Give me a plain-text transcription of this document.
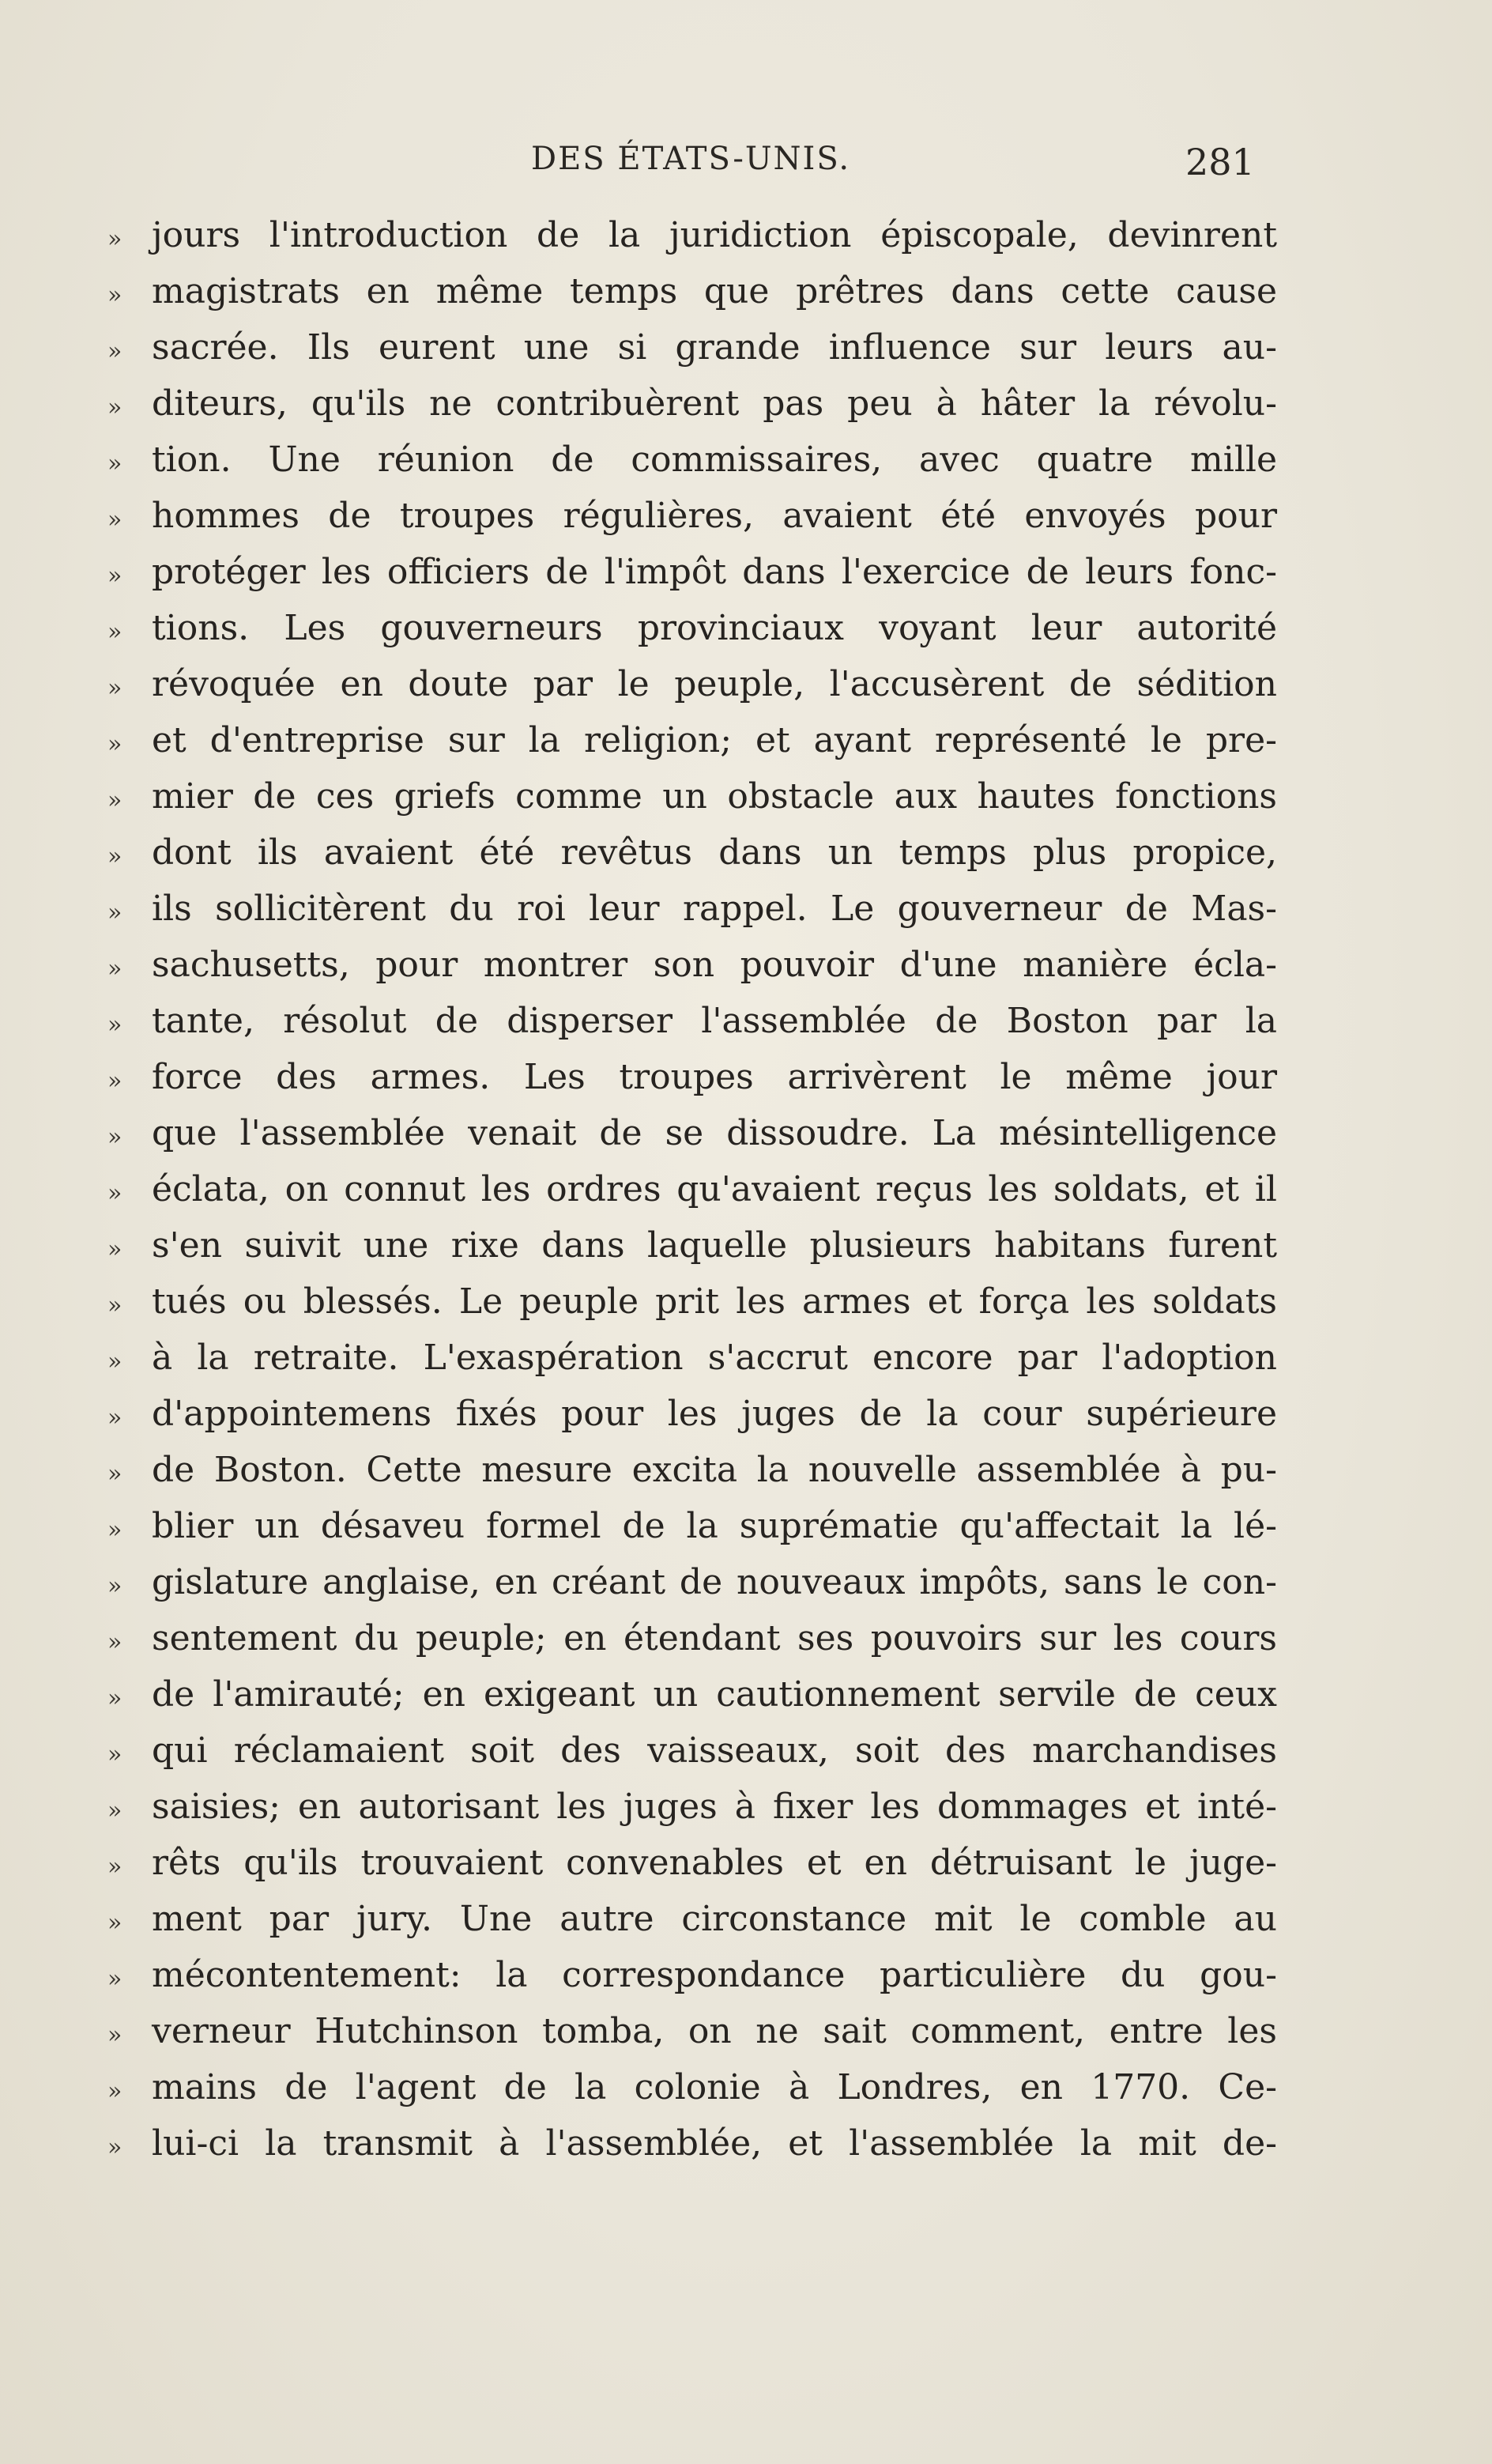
DES ÉTATS-UNIS.	281
» jours l'introduction de la juridiction épiscopale, devinrent
» magistrats en même temps que prêtres dans cette cause
» sacrée. Ils eurent une si grande influence sur leurs au-
» diteurs, qu'ils ne contribuèrent pas peu à hâter la révolu-
» tion. Une réunion de commissaires, avec quatre mille
» hommes de troupes régulières, avaient été envoyés pour
» protéger les officiers de l'impôt dans l'exercice de leurs fonc-
» tions. Les gouverneurs provinciaux voyant leur autorité
» révoquée en doute par le peuple, l'accusèrent de sédition
» et d'entreprise sur la religion; et ayant représenté le pre-
» mier de ces griefs comme un obstacle aux hautes fonctions
» dont ils avaient été revêtus dans un temps plus propice,
» ils sollicitèrent du roi leur rappel. Le gouverneur de Mas-
» sachusetts, pour montrer son pouvoir d'une manière écla-
» tante, résolut de disperser l'assemblée de Boston par la
» force des armes. Les troupes arrivèrent le même jour
» que l'assemblée venait de se dissoudre. La mésintelligence
» éclata, on connut les ordres qu'avaient reçus les soldats, et il
» s'en suivit une rixe dans laquelle plusieurs habitans furent
» tués ou blessés. Le peuple prit les armes et força les soldats
» à la retraite. L'exaspération s'accrut encore par l'adoption
» d'appointemens fixés pour les juges de la cour supérieure
» de Boston. Cette mesure excita la nouvelle assemblée à pu-
» blier un désaveu formel de la suprématie qu'affectait la lé-
» gislature anglaise, en créant de nouveaux impôts, sans le con-
» sentement du peuple; en étendant ses pouvoirs sur les cours
» de l'amirauté; en exigeant un cautionnement servile de ceux
» qui réclamaient soit des vaisseaux, soit des marchandises
» saisies; en autorisant les juges à fixer les dommages et inté-
» rêts qu'ils trouvaient convenables et en détruisant le juge-
» ment par jury. Une autre circonstance mit le comble au
» mécontentement: la correspondance particulière du gou-
» verneur Hutchinson tomba, on ne sait comment, entre les
» mains de l'agent de la colonie à Londres, en 1770. Ce-
» lui-ci la transmit à l'assemblée, et l'assemblée la mit de-
